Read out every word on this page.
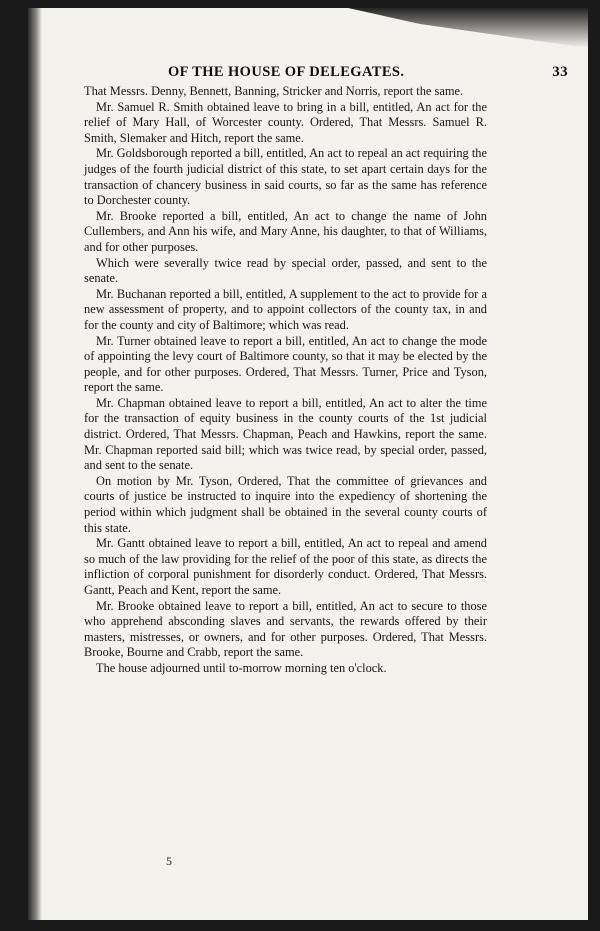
OF THE HOUSE OF DELEGATES.	33

That Messrs. Denny, Bennett, Banning, Stricker and Norris, report the same.

Mr. Samuel R. Smith obtained leave to bring in a bill, entitled, An act for the relief of Mary Hall, of Worcester county. Ordered, That Messrs. Samuel R. Smith, Slemaker and Hitch, report the same.

Mr. Goldsborough reported a bill, entitled, An act to repeal an act requiring the judges of the fourth judicial district of this state, to set apart certain days for the transaction of chancery business in said courts, so far as the same has reference to Dorchester county.

Mr. Brooke reported a bill, entitled, An act to change the name of John Cullembers, and Ann his wife, and Mary Anne, his daughter, to that of Williams, and for other purposes.

Which were severally twice read by special order, passed, and sent to the senate.

Mr. Buchanan reported a bill, entitled, A supplement to the act to provide for a new assessment of property, and to appoint collectors of the county tax, in and for the county and city of Baltimore; which was read.

Mr. Turner obtained leave to report a bill, entitled, An act to change the mode of appointing the levy court of Baltimore county, so that it may be elected by the people, and for other purposes. Ordered, That Messrs. Turner, Price and Tyson, report the same.

Mr. Chapman obtained leave to report a bill, entitled, An act to alter the time for the transaction of equity business in the county courts of the 1st judicial district. Ordered, That Messrs. Chapman, Peach and Hawkins, report the same. Mr. Chapman reported said bill; which was twice read, by special order, passed, and sent to the senate.

On motion by Mr. Tyson, Ordered, That the committee of grievances and courts of justice be instructed to inquire into the expediency of shortening the period within which judgment shall be obtained in the several county courts of this state.

Mr. Gantt obtained leave to report a bill, entitled, An act to repeal and amend so much of the law providing for the relief of the poor of this state, as directs the infliction of corporal punishment for disorderly conduct. Ordered, That Messrs. Gantt, Peach and Kent, report the same.

Mr. Brooke obtained leave to report a bill, entitled, An act to secure to those who apprehend absconding slaves and servants, the rewards offered by their masters, mistresses, or owners, and for other purposes. Ordered, That Messrs. Brooke, Bourne and Crabb, report the same.

The house adjourned until to-morrow morning ten o'clock.

5
